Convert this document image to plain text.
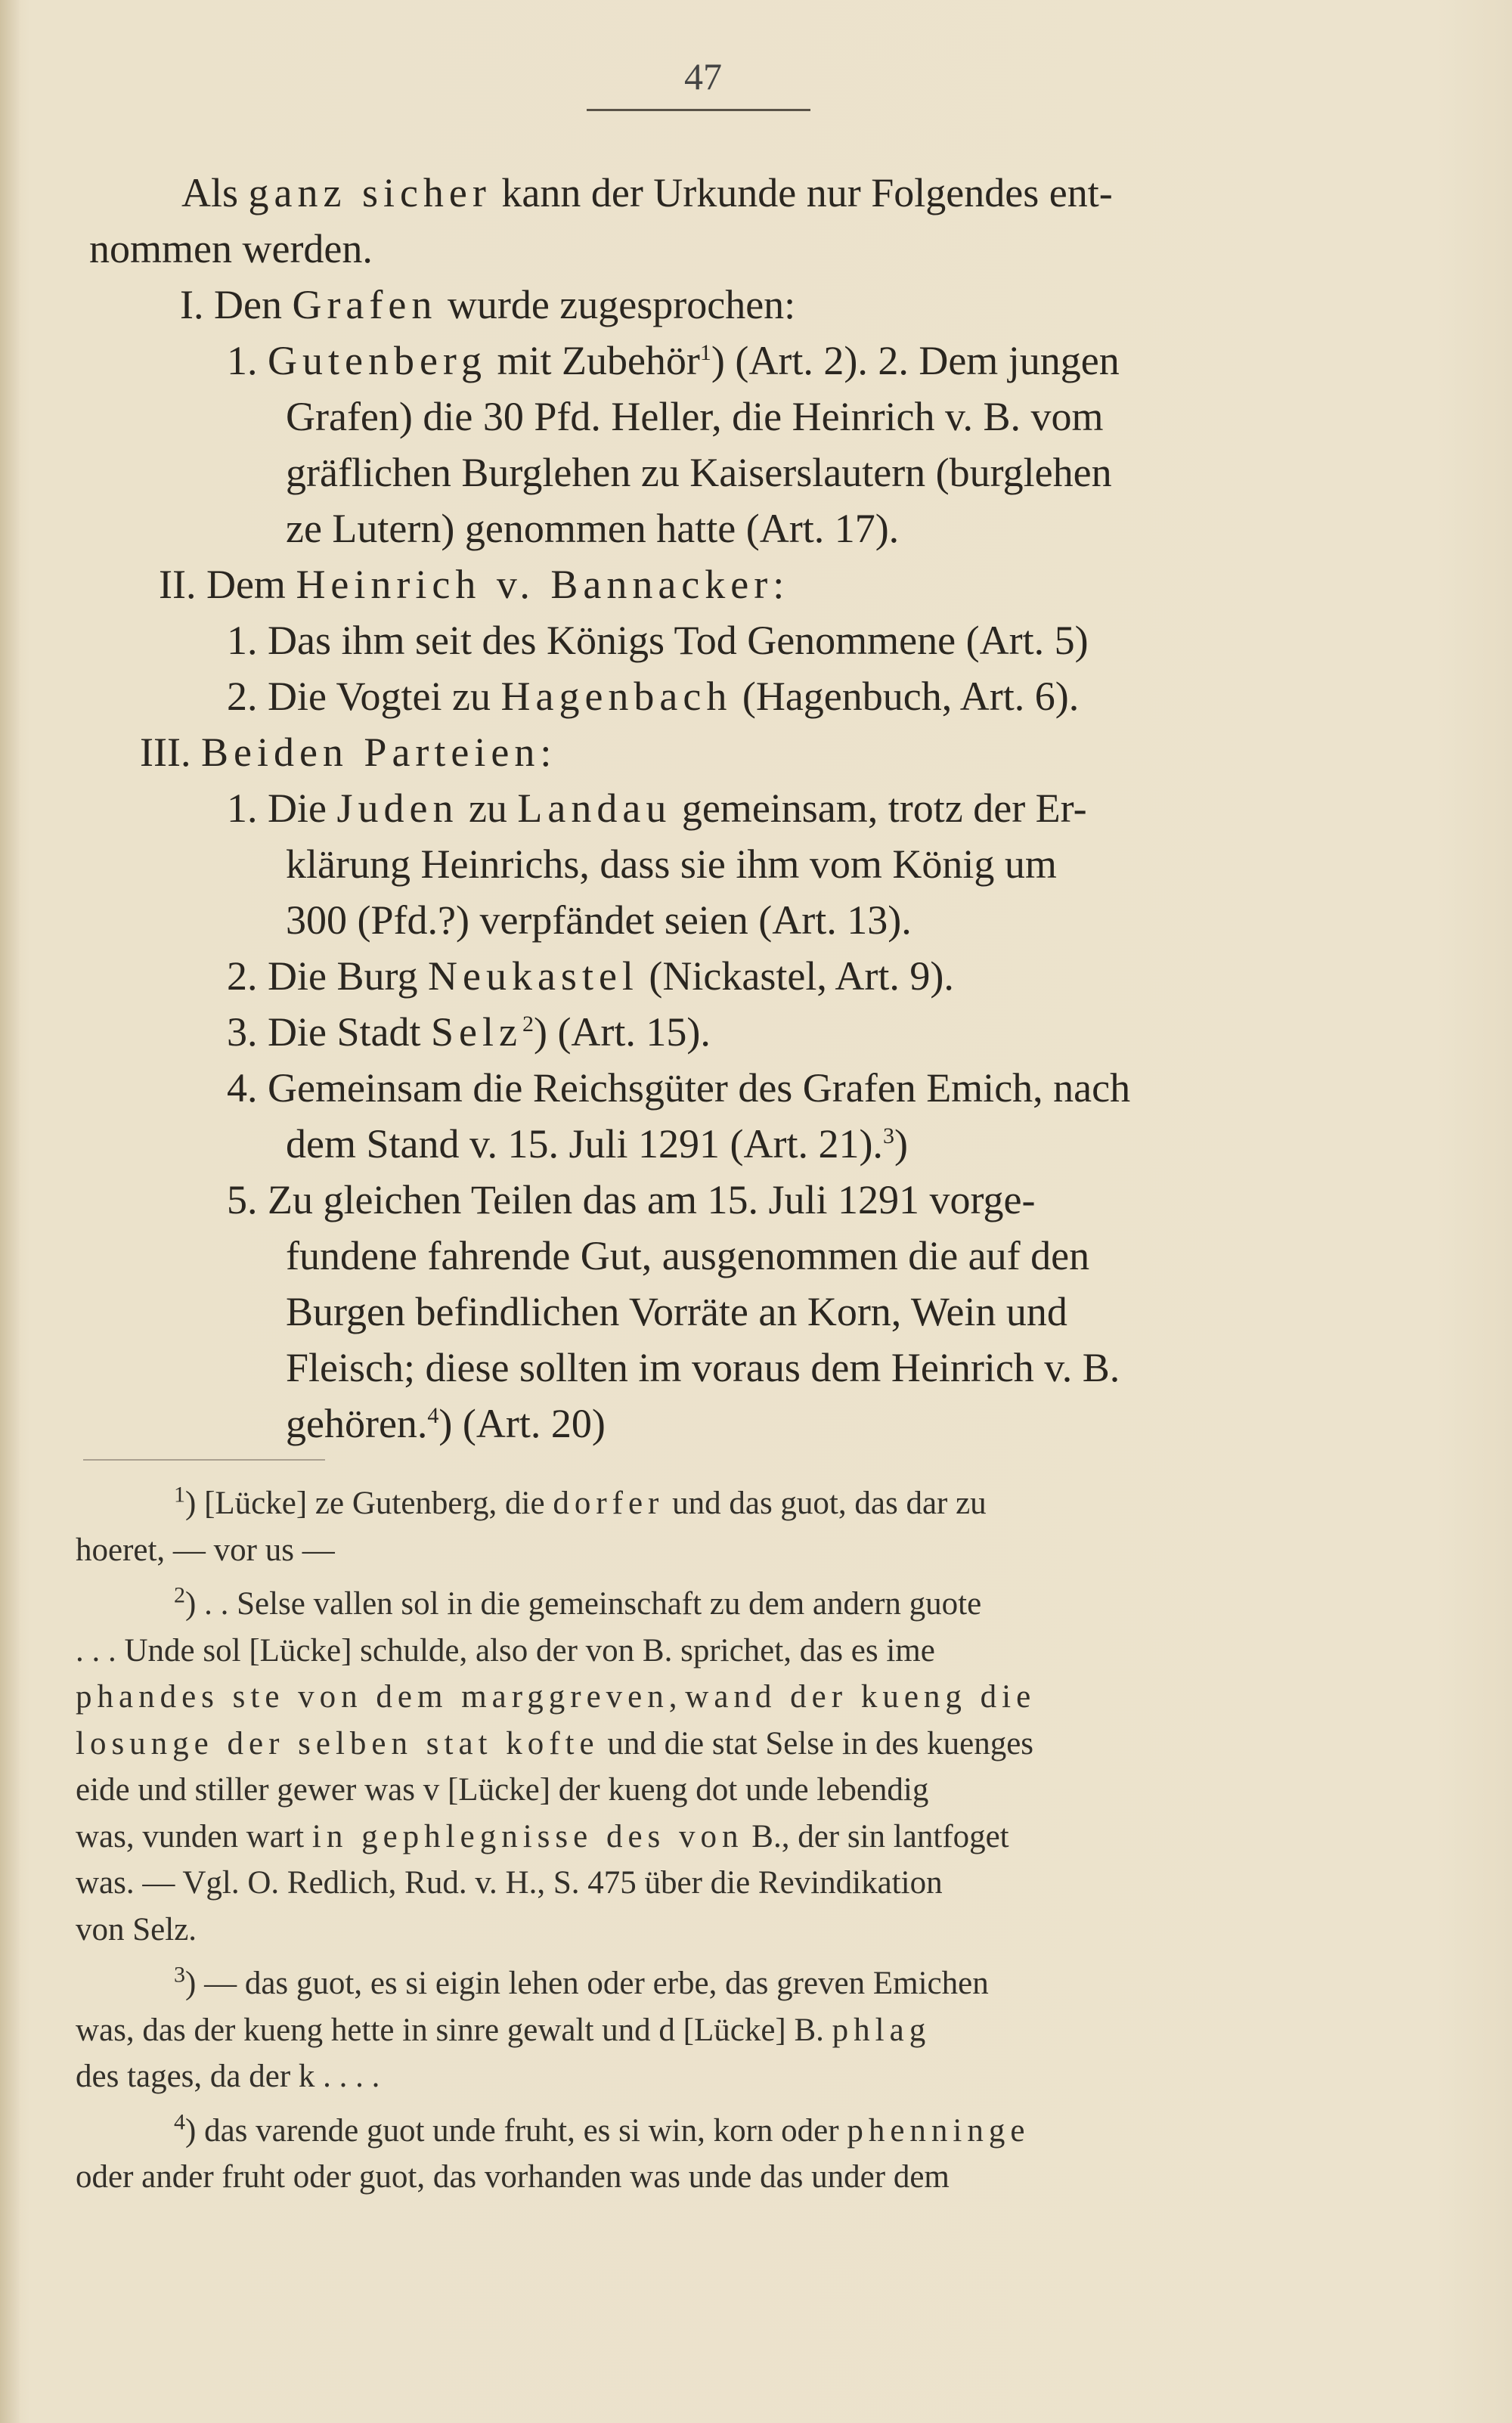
47
Als ganz sicher kann der Urkunde nur Folgendes ent-
nommen werden.
I. Den Grafen wurde zugesprochen:
1. Gutenberg mit Zubehör$^1$) (Art. 2). 2. Dem jungen
Grafen) die 30 Pfd. Heller, die Heinrich v. B. vom
gräflichen Burglehen zu Kaiserslautern (burglehen
ze Lutern) genommen hatte (Art. 17).
II. Dem Heinrich v. Bannacker:
1. Das ihm seit des Königs Tod Genommene (Art. 5)
2. Die Vogtei zu Hagenbach (Hagenbuch, Art. 6).
III. Beiden Parteien:
1. Die Juden zu Landau gemeinsam, trotz der Er-
klärung Heinrichs, dass sie ihm vom König um
300 (Pfd.?) verpfändet seien (Art. 13).
2. Die Burg Neukastel (Nickastel, Art. 9).
3. Die Stadt Selz$^2$) (Art. 15).
4. Gemeinsam die Reichsgüter des Grafen Emich, nach
dem Stand v. 15. Juli 1291 (Art. 21).$^3$)
5. Zu gleichen Teilen das am 15. Juli 1291 vorge-
fundene fahrende Gut, ausgenommen die auf den
Burgen befindlichen Vorräte an Korn, Wein und
Fleisch; diese sollten im voraus dem Heinrich v. B.
gehören.$^4$) (Art. 20)
$^1$) [Lücke] ze Gutenberg, die dorfer und das guot, das dar zu
hoeret, — vor us —
$^2$) . . Selse vallen sol in die gemeinschaft zu dem andern guote
. . . Unde sol [Lücke] schulde, also der von B. sprichet, das es ime
phandes ste von dem marggreven, wand der kueng die
losunge der selben stat kofte und die stat Selse in des kuenges
eide und stiller gewer was v [Lücke] der kueng dot unde lebendig
was, vunden wart in gephlegnisse des von B., der sin lantfoget
was. — Vgl. O. Redlich, Rud. v. H., S. 475 über die Revindikation
von Selz.
$^3$) — das guot, es si eigin lehen oder erbe, das greven Emichen
was, das der kueng hette in sinre gewalt und d [Lücke] B. phlag
des tages, da der k . . . .
$^4$) das varende guot unde fruht, es si win, korn oder phenninge
oder ander fruht oder guot, das vorhanden was unde das under dem
